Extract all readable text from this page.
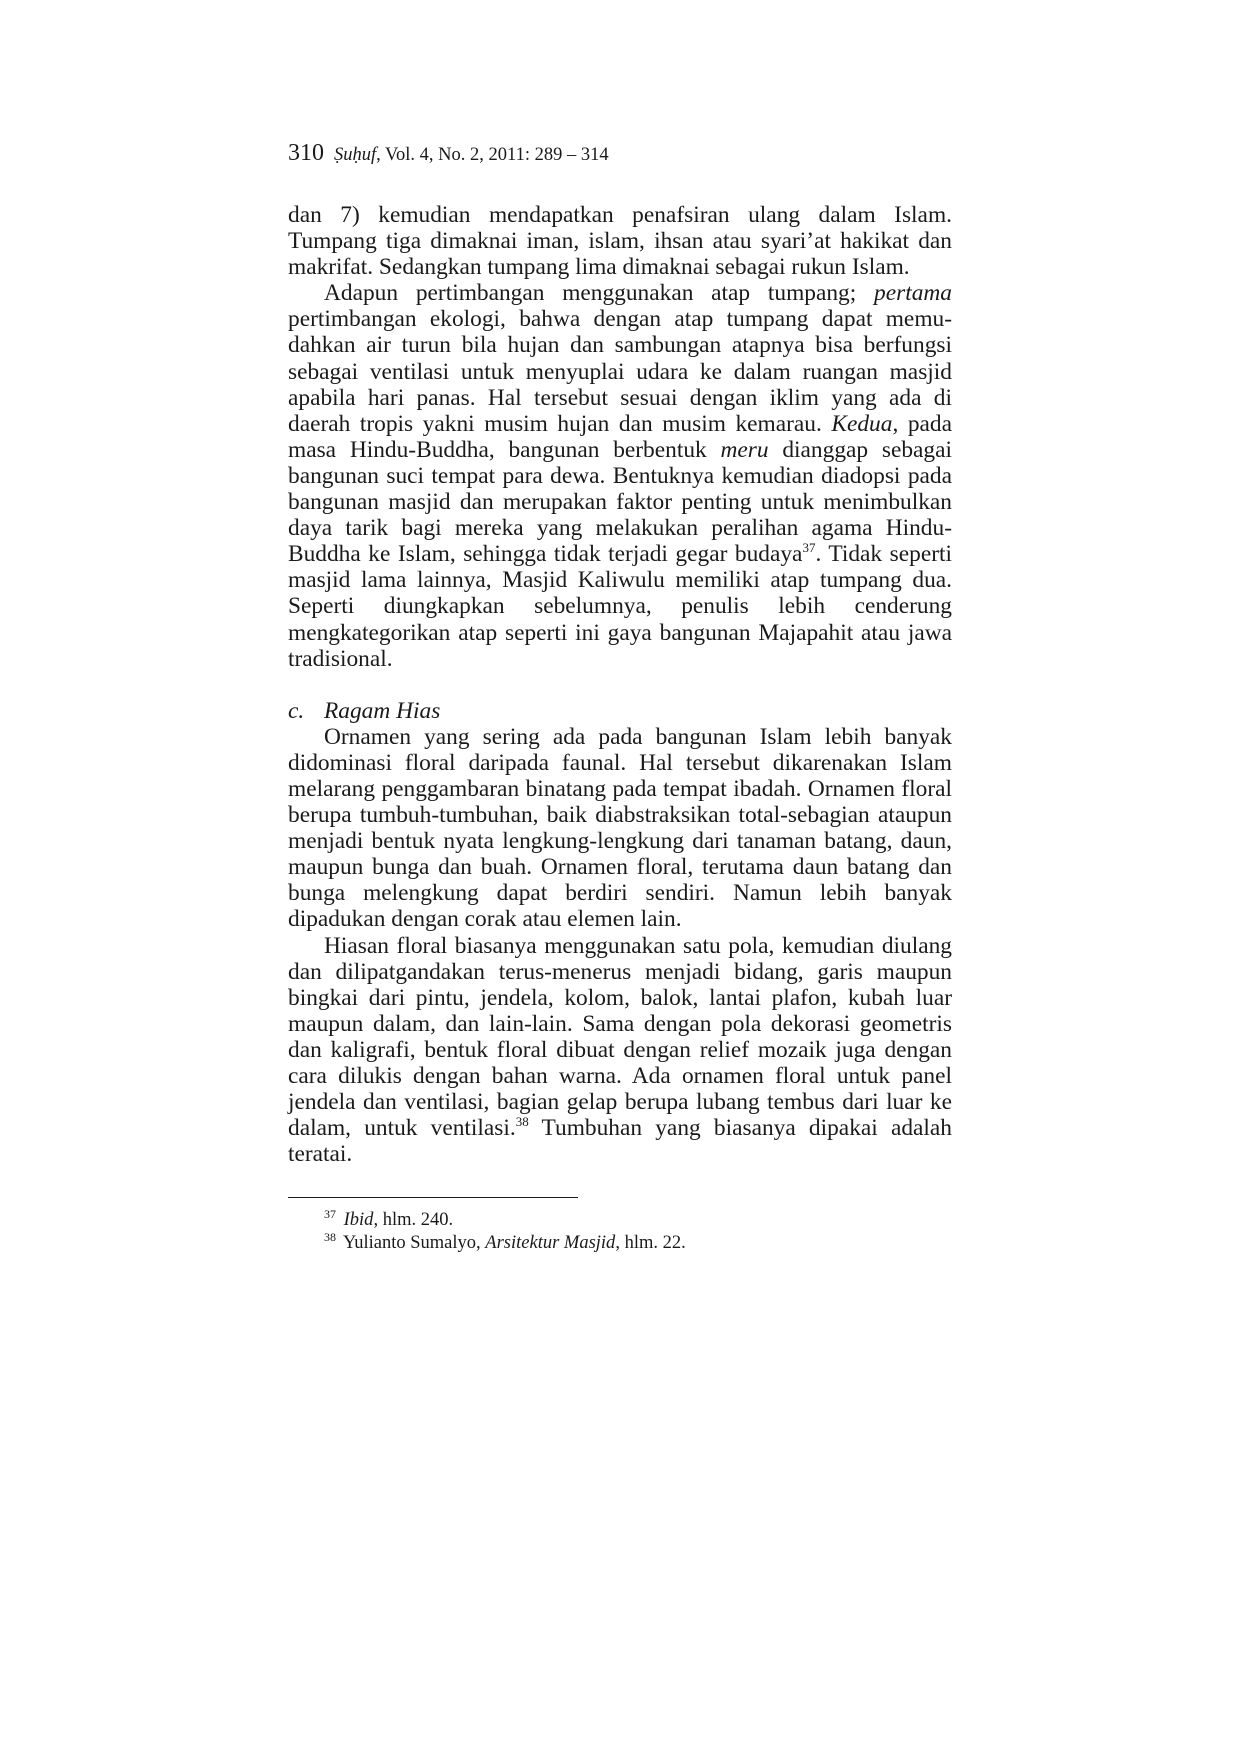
310 Ṣuḥuf, Vol. 4, No. 2, 2011: 289 – 314

dan 7) kemudian mendapatkan penafsiran ulang dalam Islam. Tumpang tiga dimaknai iman, islam, ihsan atau syari’at hakikat dan makrifat. Sedangkan tumpang lima dimaknai sebagai rukun Islam.

Adapun pertimbangan menggunakan atap tumpang; pertama pertimbangan ekologi, bahwa dengan atap tumpang dapat memu-dahkan air turun bila hujan dan sambungan atapnya bisa berfungsi sebagai ventilasi untuk menyuplai udara ke dalam ruangan masjid apabila hari panas. Hal tersebut sesuai dengan iklim yang ada di daerah tropis yakni musim hujan dan musim kemarau. Kedua, pada masa Hindu-Buddha, bangunan berbentuk meru dianggap sebagai bangunan suci tempat para dewa. Bentuknya kemudian diadopsi pada bangunan masjid dan merupakan faktor penting untuk menimbulkan daya tarik bagi mereka yang melakukan peralihan agama Hindu-Buddha ke Islam, sehingga tidak terjadi gegar budaya$^{37}$. Tidak seperti masjid lama lainnya, Masjid Kaliwulu memiliki atap tumpang dua. Seperti diungkapkan sebelumnya, penulis lebih cenderung mengkategorikan atap seperti ini gaya bangunan Majapahit atau jawa tradisional.

c. Ragam Hias

Ornamen yang sering ada pada bangunan Islam lebih banyak didominasi floral daripada faunal. Hal tersebut dikarenakan Islam melarang penggambaran binatang pada tempat ibadah. Ornamen floral berupa tumbuh-tumbuhan, baik diabstraksikan total-sebagian ataupun menjadi bentuk nyata lengkung-lengkung dari tanaman batang, daun, maupun bunga dan buah. Ornamen floral, terutama daun batang dan bunga melengkung dapat berdiri sendiri. Namun lebih banyak dipadukan dengan corak atau elemen lain.

Hiasan floral biasanya menggunakan satu pola, kemudian diulang dan dilipatgandakan terus-menerus menjadi bidang, garis maupun bingkai dari pintu, jendela, kolom, balok, lantai plafon, kubah luar maupun dalam, dan lain-lain. Sama dengan pola dekorasi geometris dan kaligrafi, bentuk floral dibuat dengan relief mozaik juga dengan cara dilukis dengan bahan warna. Ada ornamen floral untuk panel jendela dan ventilasi, bagian gelap berupa lubang tembus dari luar ke dalam, untuk ventilasi.$^{38}$ Tumbuhan yang biasanya dipakai adalah teratai.

$^{37}$ Ibid, hlm. 240.
$^{38}$ Yulianto Sumalyo, Arsitektur Masjid, hlm. 22.
